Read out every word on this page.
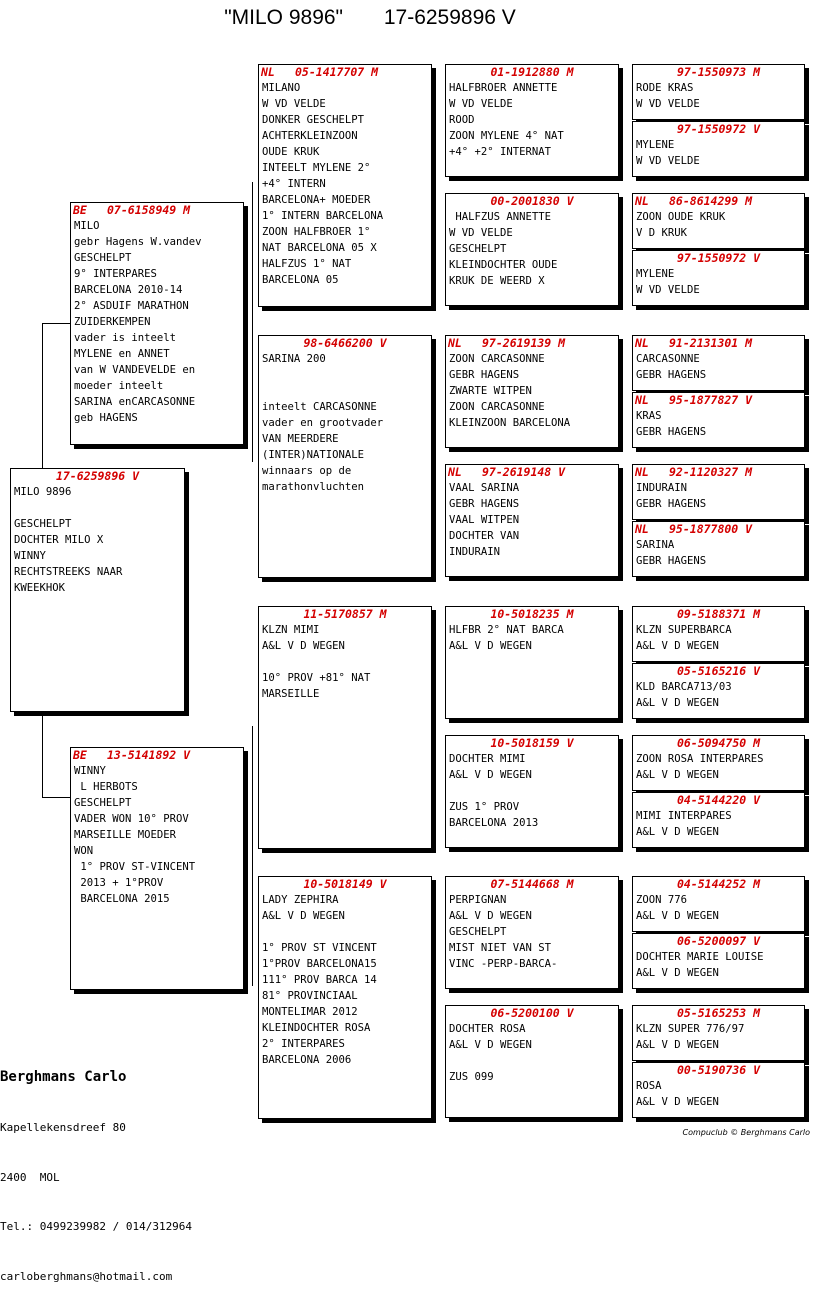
"MILO 9896"       17-6259896 V
17-6259896 V
MILO 9896

GESCHELPT
DOCHTER MILO X
WINNY
RECHTSTREEKS NAAR
KWEEKHOK
BE	07-6158949 M
MILO
gebr Hagens W.vandev
GESCHELPT
9° INTERPARES
BARCELONA 2010-14
2° ASDUIF MARATHON
ZUIDERKEMPEN
vader is inteelt
MYLENE en ANNET
van W VANDEVELDE en
moeder inteelt
SARINA enCARCASONNE
geb HAGENS
BE	13-5141892 V
WINNY
L HERBOTS
GESCHELPT
VADER WON 10° PROV
MARSEILLE MOEDER
WON
1° PROV ST-VINCENT
2013 + 1°PROV
BARCELONA 2015
NL	05-1417707 M
MILANO
W VD VELDE
DONKER GESCHELPT
ACHTERKLEINZOON
OUDE KRUK
INTEELT MYLENE 2°
+4° INTERN
BARCELONA+ MOEDER
1° INTERN BARCELONA
ZOON HALFBROER 1°
NAT BARCELONA 05 X
HALFZUS 1° NAT
BARCELONA 05
98-6466200 V
SARINA 200

inteelt CARCASONNE
vader en grootvader
VAN MEERDERE
(INTER)NATIONALE
winnaars op de
marathonvluchten
11-5170857 M
KLZN MIMI
A&L V D WEGEN

10° PROV +81° NAT
MARSEILLE
10-5018149 V
LADY ZEPHIRA
A&L V D WEGEN

1° PROV ST VINCENT
1°PROV BARCELONA15
111° PROV BARCA 14
81° PROVINCIAAL
MONTELIMAR 2012
KLEINDOCHTER ROSA
2° INTERPARES
BARCELONA 2006
01-1912880 M
HALFBROER ANNETTE
W VD VELDE
ROOD
ZOON MYLENE 4° NAT
+4° +2° INTERNAT
00-2001830 V
HALFZUS ANNETTE
W VD VELDE
GESCHELPT
KLEINDOCHTER OUDE
KRUK DE WEERD X
NL	97-2619139 M
ZOON CARCASONNE
GEBR HAGENS
ZWARTE WITPEN
ZOON CARCASONNE
KLEINZOON BARCELONA
NL	97-2619148 V
VAAL SARINA
GEBR HAGENS
VAAL WITPEN
DOCHTER VAN
INDURAIN
10-5018235 M
HLFBR 2° NAT BARCA
A&L V D WEGEN
10-5018159 V
DOCHTER MIMI
A&L V D WEGEN

ZUS 1° PROV
BARCELONA 2013
07-5144668 M
PERPIGNAN
A&L V D WEGEN
GESCHELPT
MIST NIET VAN ST
VINC -PERP-BARCA-
06-5200100 V
DOCHTER ROSA
A&L V D WEGEN

ZUS 099
97-1550973 M
RODE KRAS
W VD VELDE
97-1550972 V
MYLENE
W VD VELDE
NL	86-8614299 M
ZOON OUDE KRUK
V D KRUK
97-1550972 V
MYLENE
W VD VELDE
NL	91-2131301 M
CARCASONNE
GEBR HAGENS
NL	95-1877827 V
KRAS
GEBR HAGENS
NL	92-1120327 M
INDURAIN
GEBR HAGENS
NL	95-1877800 V
SARINA
GEBR HAGENS
09-5188371 M
KLZN SUPERBARCA
A&L V D WEGEN
05-5165216 V
KLD BARCA713/03
A&L V D WEGEN
06-5094750 M
ZOON ROSA INTERPARES
A&L V D WEGEN
04-5144220 V
MIMI INTERPARES
A&L V D WEGEN
04-5144252 M
ZOON 776
A&L V D WEGEN
06-5200097 V
DOCHTER MARIE LOUISE
A&L V D WEGEN
05-5165253 M
KLZN SUPER 776/97
A&L V D WEGEN
00-5190736 V
ROSA
A&L V D WEGEN

Berghmans Carlo

Kapellekensdreef 80

2400  MOL

Tel.: 0499239982 / 014/312964

carloberghmans@hotmail.com

Compuclub © Berghmans Carlo
